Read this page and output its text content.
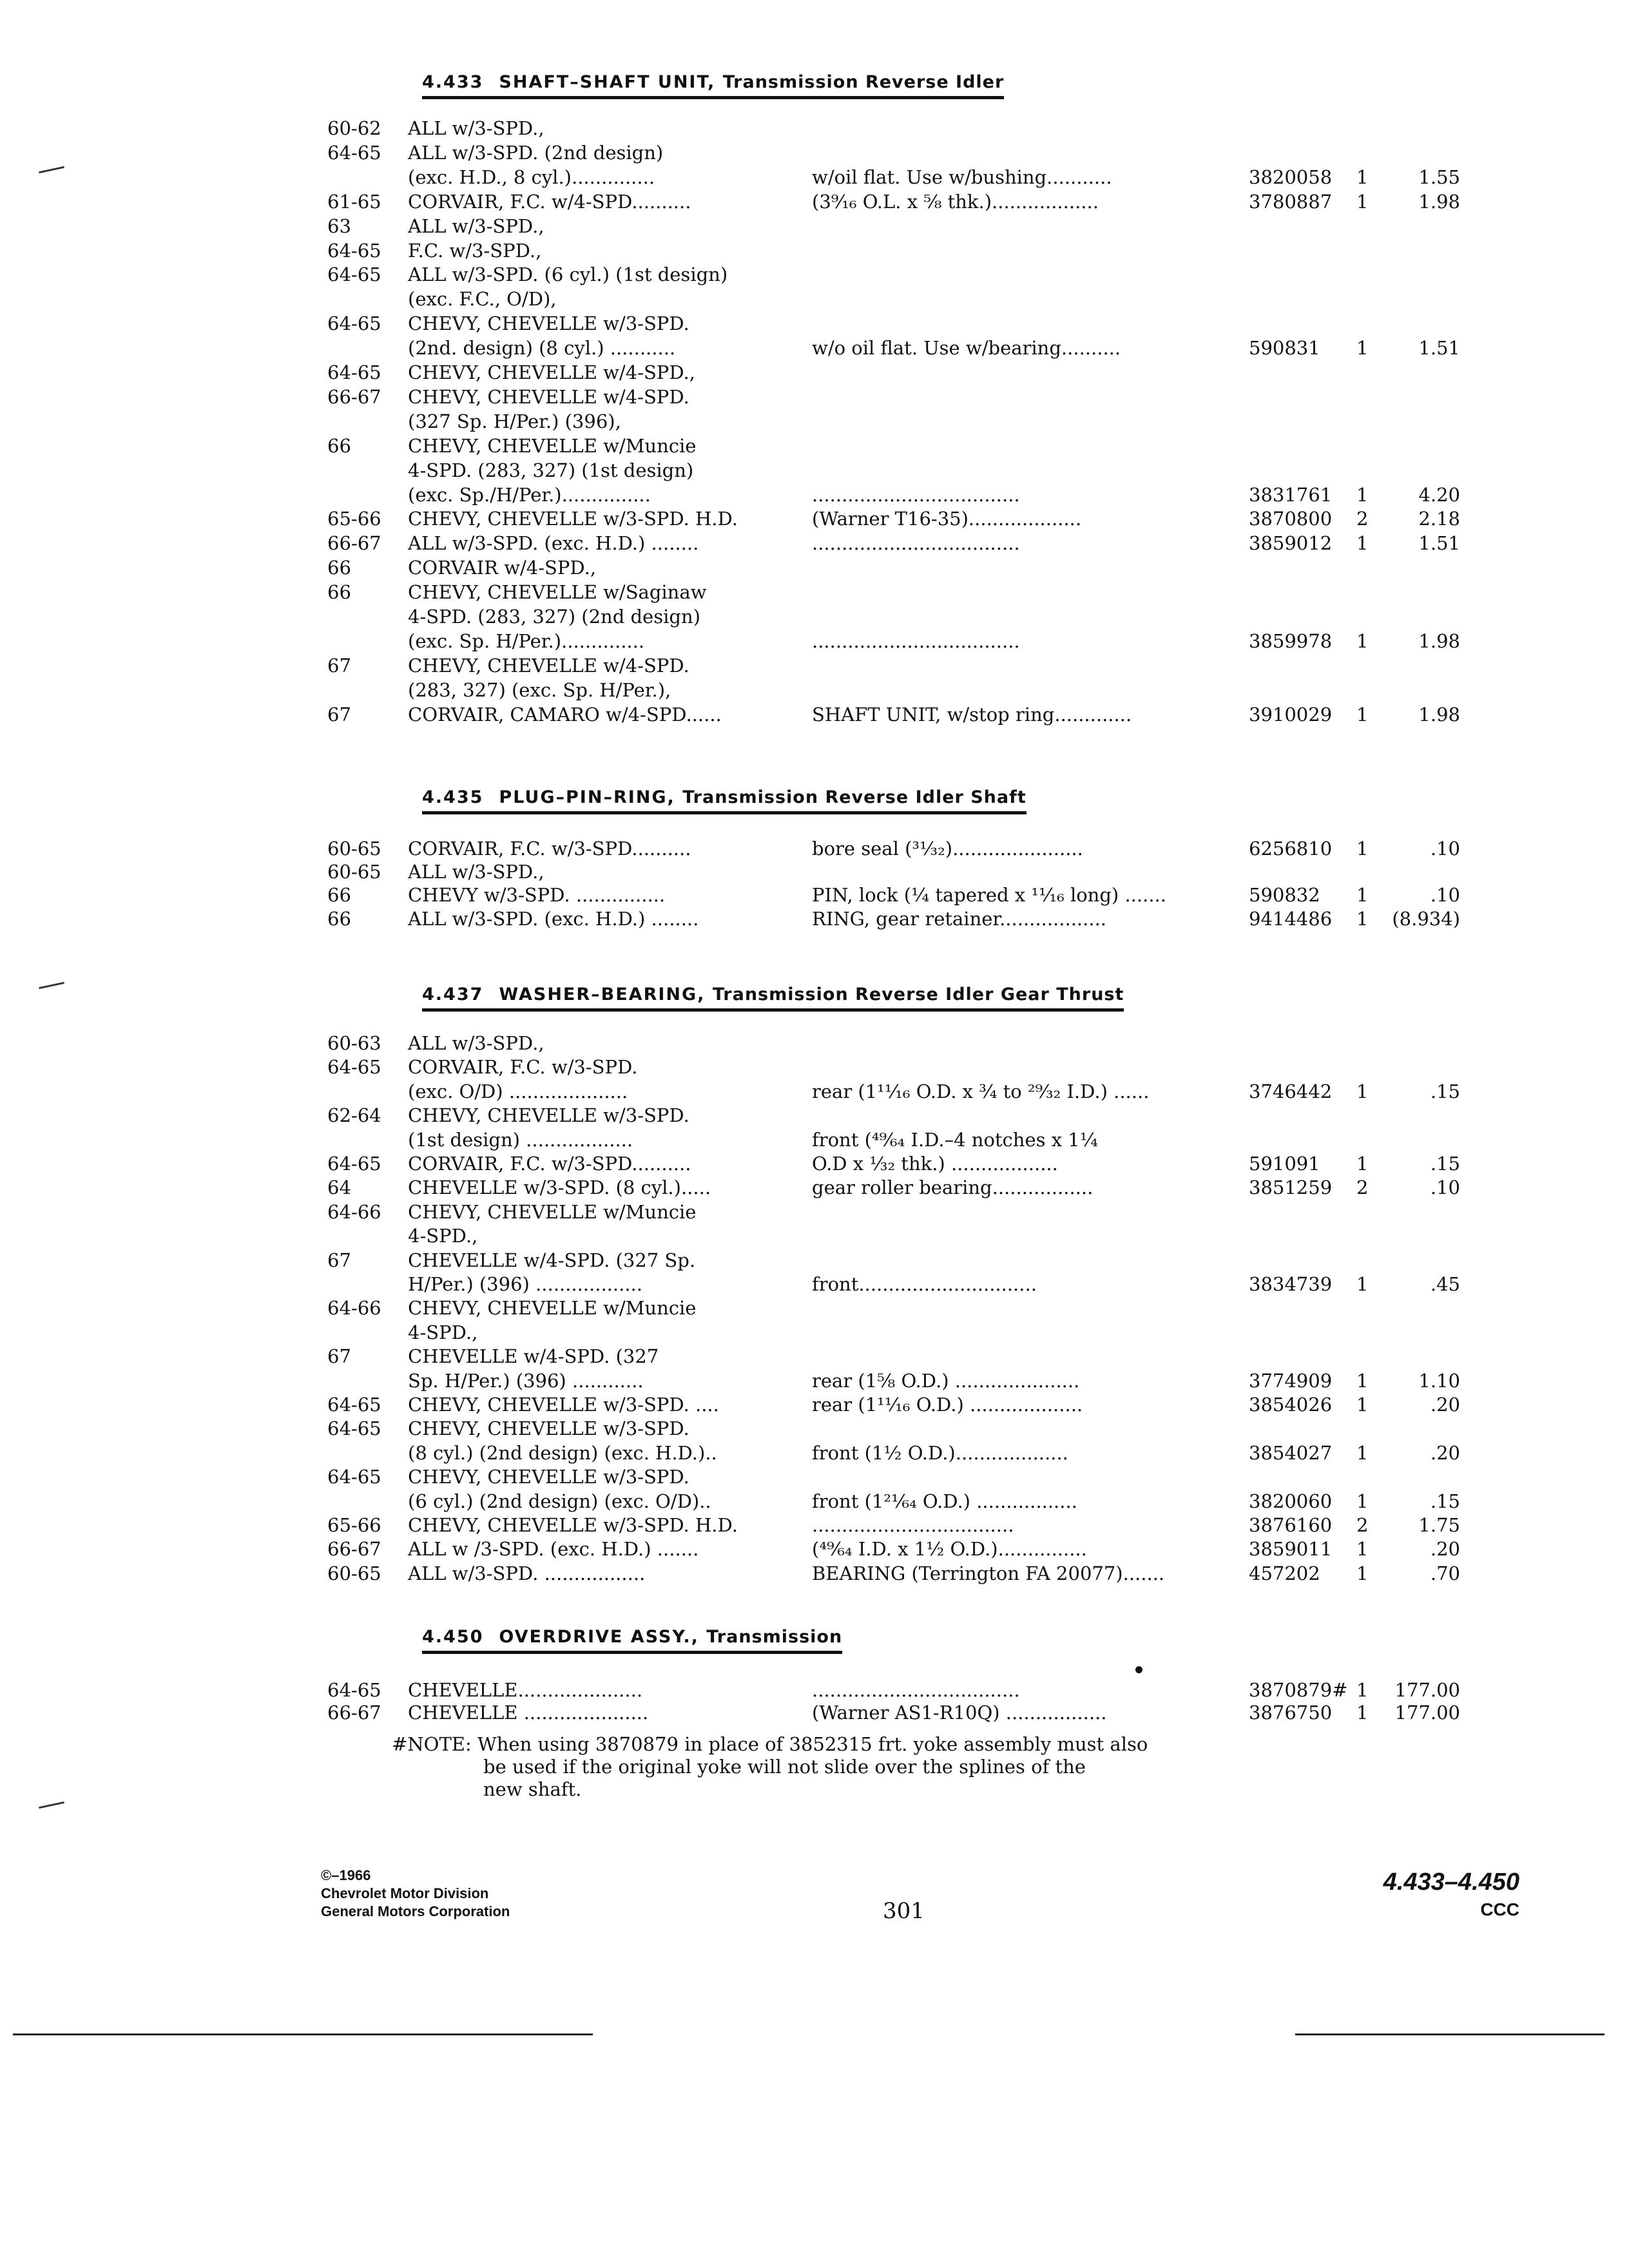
4.433 SHAFT–SHAFT UNIT, Transmission Reverse Idler
60-62 ALL w/3-SPD.,
64-65 ALL w/3-SPD. (2nd design)
(exc. H.D., 8 cyl.)..............	w/oil flat. Use w/bushing...........	3820058 1	1.55
61-65 CORVAIR, F.C. w/4-SPD..........	(3⁹⁄₁₆ O.L. x ⁵⁄₈ thk.)..................	3780887 1	1.98
63	ALL w/3-SPD.,
64-65 F.C. w/3-SPD.,
64-65 ALL w/3-SPD. (6 cyl.) (1st design)
(exc. F.C., O/D),
64-65 CHEVY, CHEVELLE w/3-SPD.
(2nd. design) (8 cyl.) ...........	w/o oil flat. Use w/bearing..........	590831 1	1.51
64-65 CHEVY, CHEVELLE w/4-SPD.,
66-67 CHEVY, CHEVELLE w/4-SPD.
(327 Sp. H/Per.) (396),
66	CHEVY, CHEVELLE w/Muncie
4-SPD. (283, 327) (1st design)
(exc. Sp./H/Per.)...............	...................................	3831761 1	4.20
65-66 CHEVY, CHEVELLE w/3-SPD. H.D.	(Warner T16-35)...................	3870800 2	2.18
66-67 ALL w/3-SPD. (exc. H.D.) ........	...................................	3859012 1	1.51
66	CORVAIR w/4-SPD.,
66	CHEVY, CHEVELLE w/Saginaw
4-SPD. (283, 327) (2nd design)
(exc. Sp. H/Per.)..............	...................................	3859978 1	1.98
67	CHEVY, CHEVELLE w/4-SPD.
(283, 327) (exc. Sp. H/Per.),
67	CORVAIR, CAMARO w/4-SPD......	SHAFT UNIT, w/stop ring.............	3910029 1	1.98
4.435 PLUG–PIN–RING, Transmission Reverse Idler Shaft
60-65 CORVAIR, F.C. w/3-SPD..........	bore seal (³¹⁄₃₂)......................	6256810 1	.10
60-65 ALL w/3-SPD.,
66	CHEVY w/3-SPD. ...............	PIN, lock (¼ tapered x ¹¹⁄₁₆ long) .......	590832 1	.10
66	ALL w/3-SPD. (exc. H.D.) ........	RING, gear retainer..................	9414486 1 (8.934)
4.437 WASHER–BEARING, Transmission Reverse Idler Gear Thrust
60-63 ALL w/3-SPD.,
64-65 CORVAIR, F.C. w/3-SPD.
(exc. O/D) ....................	rear (1¹¹⁄₁₆ O.D. x ¾ to ²⁹⁄₃₂ I.D.) ......	3746442 1	.15
62-64 CHEVY, CHEVELLE w/3-SPD.
(1st design) ..................	front (⁴⁹⁄₆₄ I.D.–4 notches x 1¼
64-65 CORVAIR, F.C. w/3-SPD..........	O.D x ⅓₂ thk.) ..................	591091 1	.15
64	CHEVELLE w/3-SPD. (8 cyl.).....	gear roller bearing.................	3851259 2	.10
64-66 CHEVY, CHEVELLE w/Muncie
4-SPD.,
67	CHEVELLE w/4-SPD. (327 Sp.
H/Per.) (396) ..................	front..............................	3834739 1	.45
64-66 CHEVY, CHEVELLE w/Muncie
4-SPD.,
67	CHEVELLE w/4-SPD. (327
Sp. H/Per.) (396) ............	rear (1⅝ O.D.) .....................	3774909 1	1.10
64-65 CHEVY, CHEVELLE w/3-SPD. ....	rear (1¹¹⁄₁₆ O.D.) ...................	3854026 1	.20
64-65 CHEVY, CHEVELLE w/3-SPD.
(8 cyl.) (2nd design) (exc. H.D.)..	front (1½ O.D.)...................	3854027 1	.20
64-65 CHEVY, CHEVELLE w/3-SPD.
(6 cyl.) (2nd design) (exc. O/D)..	front (1²¹⁄₆₄ O.D.) .................	3820060 1	.15
65-66 CHEVY, CHEVELLE w/3-SPD. H.D.	..................................	3876160 2	1.75
66-67 ALL w /3-SPD. (exc. H.D.) .......	(⁴⁹⁄₆₄ I.D. x 1½ O.D.)...............	3859011 1	.20
60-65 ALL w/3-SPD. .................	BEARING (Terrington FA 20077).......	457202 1	.70
4.450 OVERDRIVE ASSY., Transmission
64-65 CHEVELLE.....................	...................................	3870879# 1 177.00
66-67 CHEVELLE .....................	(Warner AS1-R10Q) .................	3876750 1 177.00
#NOTE: When using 3870879 in place of 3852315 frt. yoke assembly must also
be used if the original yoke will not slide over the splines of the
new shaft.
©–1966
Chevrolet Motor Division
General Motors Corporation	301
4.433–4.450
CCC
